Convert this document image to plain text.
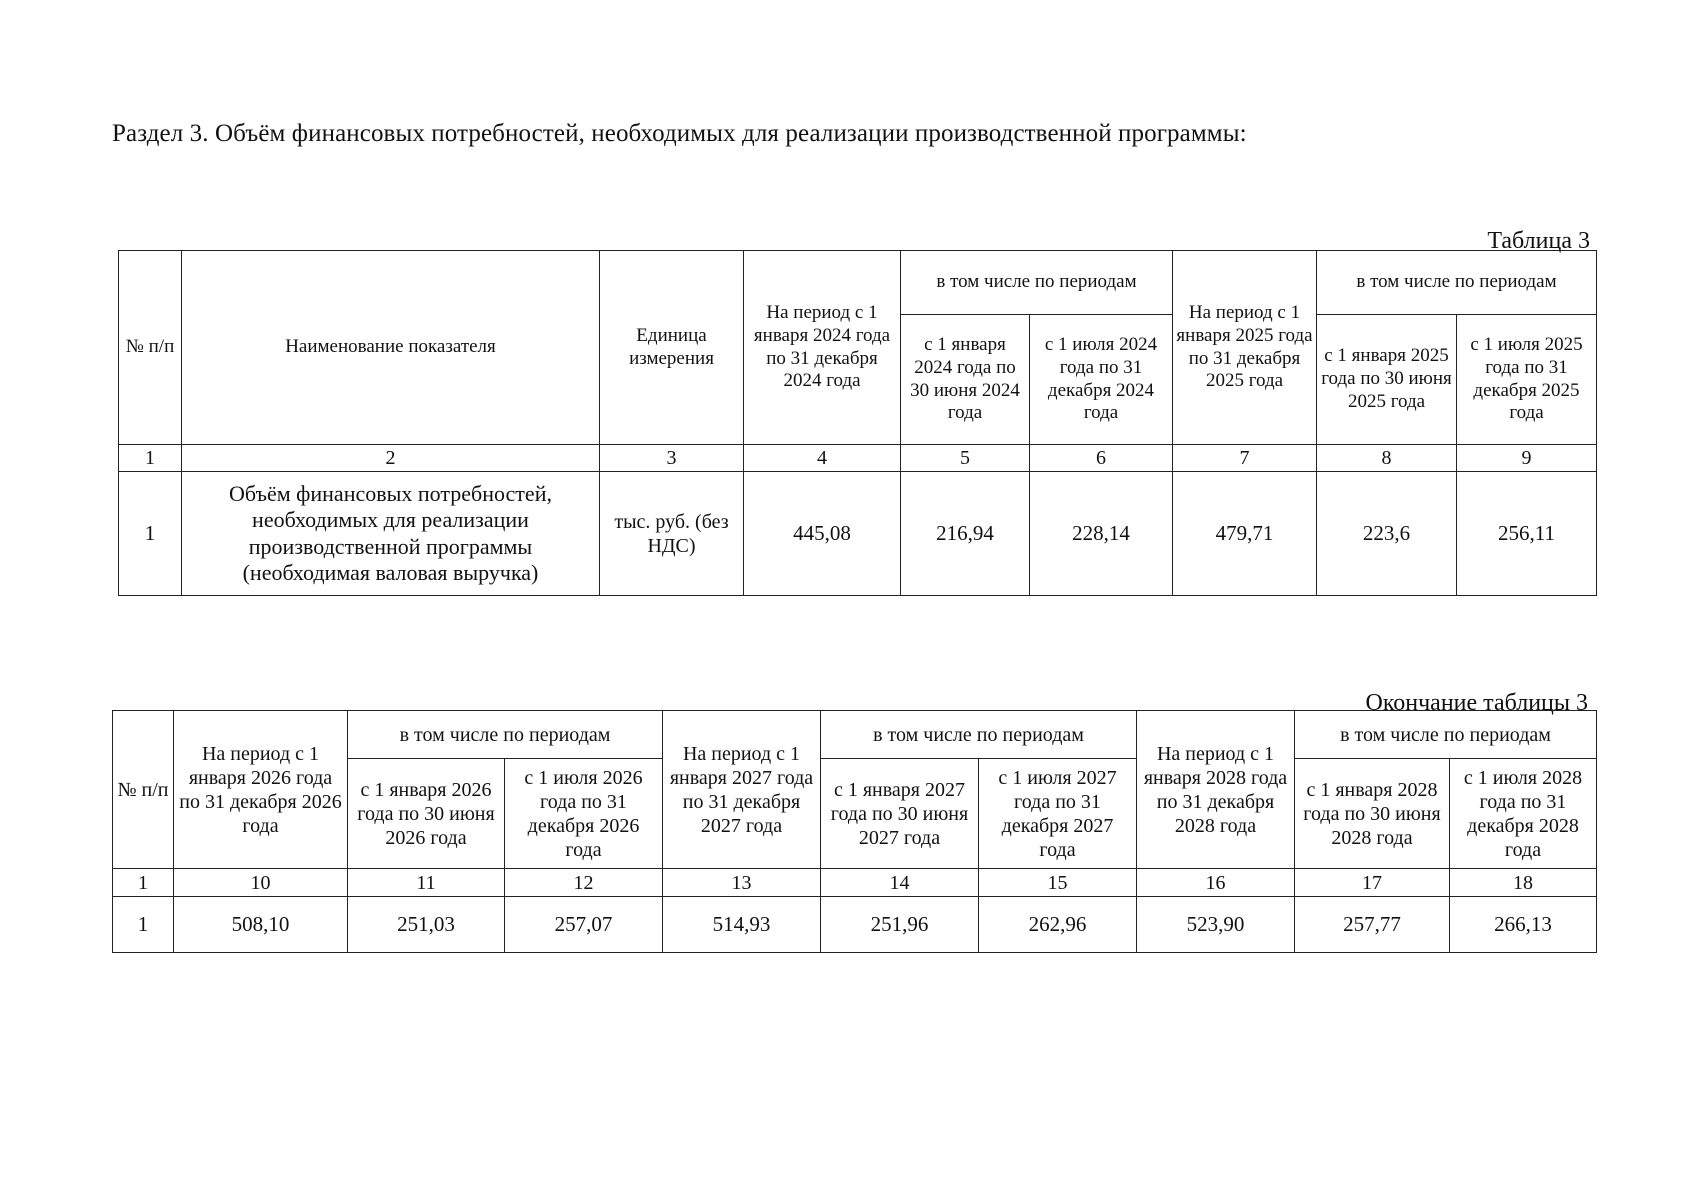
Раздел 3. Объём финансовых потребностей, необходимых для реализации производственной программы:
Таблица 3
№ п/п	Наименование показателя	Единица измерения	На период с 1 января 2024 года по 31 декабря 2024 года	в том числе по периодам		На период с 1 января 2025 года по 31 декабря 2025 года	в том числе по периодам	
				с 1 января 2024 года по 30 июня 2024 года	с 1 июля 2024 года по 31 декабря 2024 года		с 1 января 2025 года по 30 июня 2025 года	с 1 июля 2025 года по 31 декабря 2025 года
1	2	3	4	5	6	7	8	9
1	Объём финансовых потребностей, необходимых для реализации производственной программы (необходимая валовая выручка)	тыс. руб. (без НДС)	445,08	216,94	228,14	479,71	223,6	256,11
Окончание таблицы 3
№ п/п	На период с 1 января 2026 года по 31 декабря 2026 года	в том числе по периодам		На период с 1 января 2027 года по 31 декабря 2027 года	в том числе по периодам		На период с 1 января 2028 года по 31 декабря 2028 года	в том числе по периодам	
		с 1 января 2026 года по 30 июня 2026 года	с 1 июля 2026 года по 31 декабря 2026 года		с 1 января 2027 года по 30 июня 2027 года	с 1 июля 2027 года по 31 декабря 2027 года		с 1 января 2028 года по 30 июня 2028 года	с 1 июля 2028 года по 31 декабря 2028 года
1	10	11	12	13	14	15	16	17	18
1	508,10	251,03	257,07	514,93	251,96	262,96	523,90	257,77	266,13
